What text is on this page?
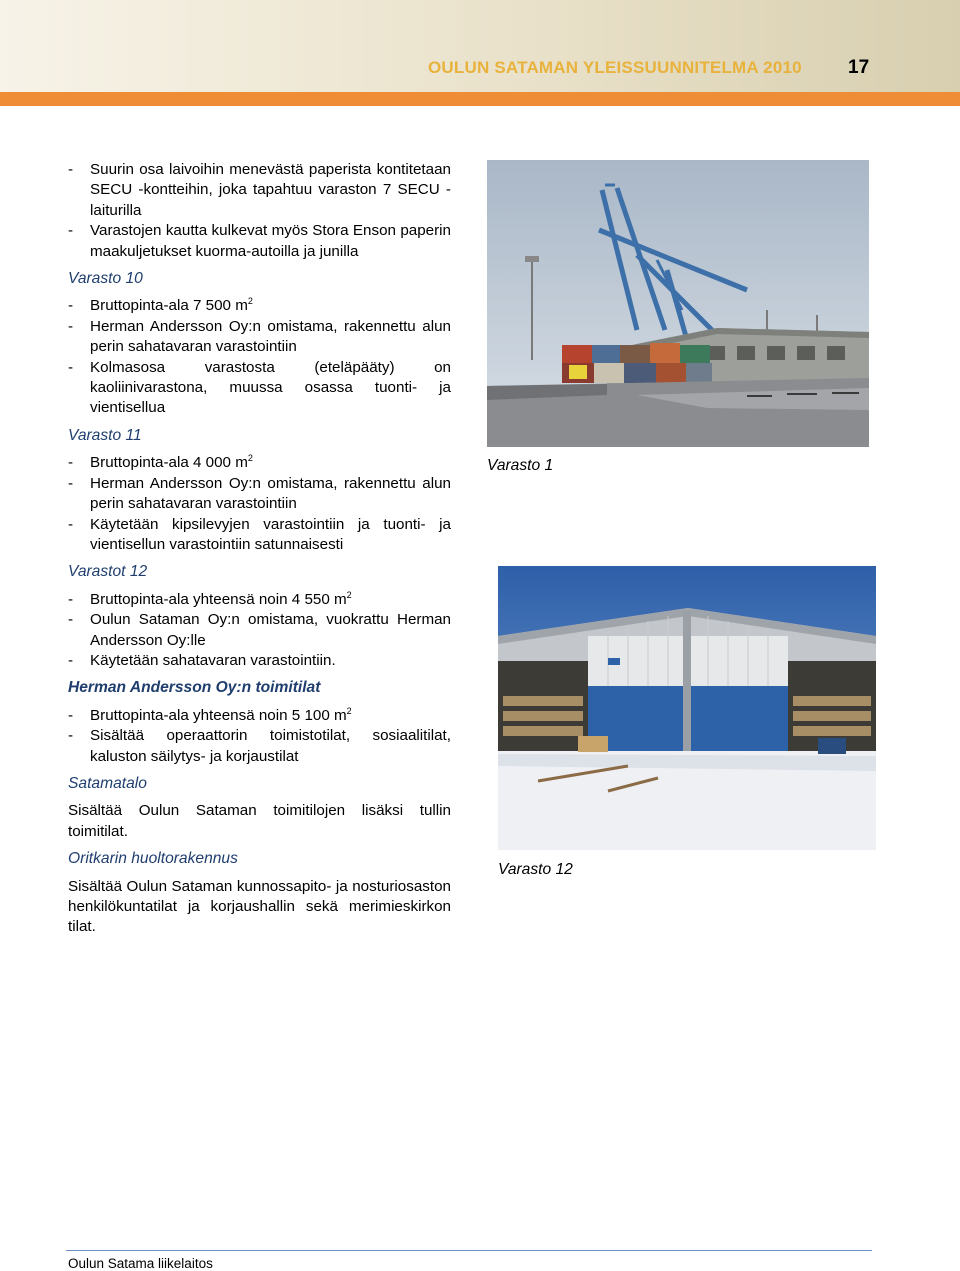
OULUN SATAMAN YLEISSUUNNITELMA 2010 17
-	Suurin osa laivoihin menevästä paperista kontitetaan SECU -kontteihin, joka tapahtuu varaston 7 SECU -laiturilla
-	Varastojen kautta kulkevat myös Stora Enson paperin maakuljetukset kuorma-autoilla ja junilla
Varasto 10
-	Bruttopinta-ala 7 500 $m^2$
-	Herman Andersson Oy:n omistama, rakennettu alun perin sahatavaran varastointiin
-	Kolmasosa varastosta (eteläpääty) on kaoliinivarastona, muussa osassa tuonti- ja vientisellua
Varasto 11
-	Bruttopinta-ala 4 000 $m^2$
-	Herman Andersson Oy:n omistama, rakennettu alun perin sahatavaran varastointiin
-	Käytetään kipsilevyjen varastointiin ja tuonti- ja vientisellun varastointiin satunnaisesti
Varastot 12
-	Bruttopinta-ala yhteensä noin 4 550 $m^2$
-	Oulun Sataman Oy:n omistama, vuokrattu Herman Andersson Oy:lle
-	Käytetään sahatavaran varastointiin.
Herman Andersson Oy:n toimitilat
-	Bruttopinta-ala yhteensä noin 5 100 $m^2$
-	Sisältää operaattorin toimistotilat, sosiaalitilat, kaluston säilytys- ja korjaustilat
Satamatalo

Sisältää Oulun Sataman toimitilojen lisäksi tullin toimitilat.

Oritkarin huoltorakennus

Sisältää Oulun Sataman kunnossapito- ja nosturiosaston henkilökuntatilat ja korjaushallin sekä merimieskirkon tilat.

Varasto 1
Varasto 12
Oulun Satama liikelaitos
